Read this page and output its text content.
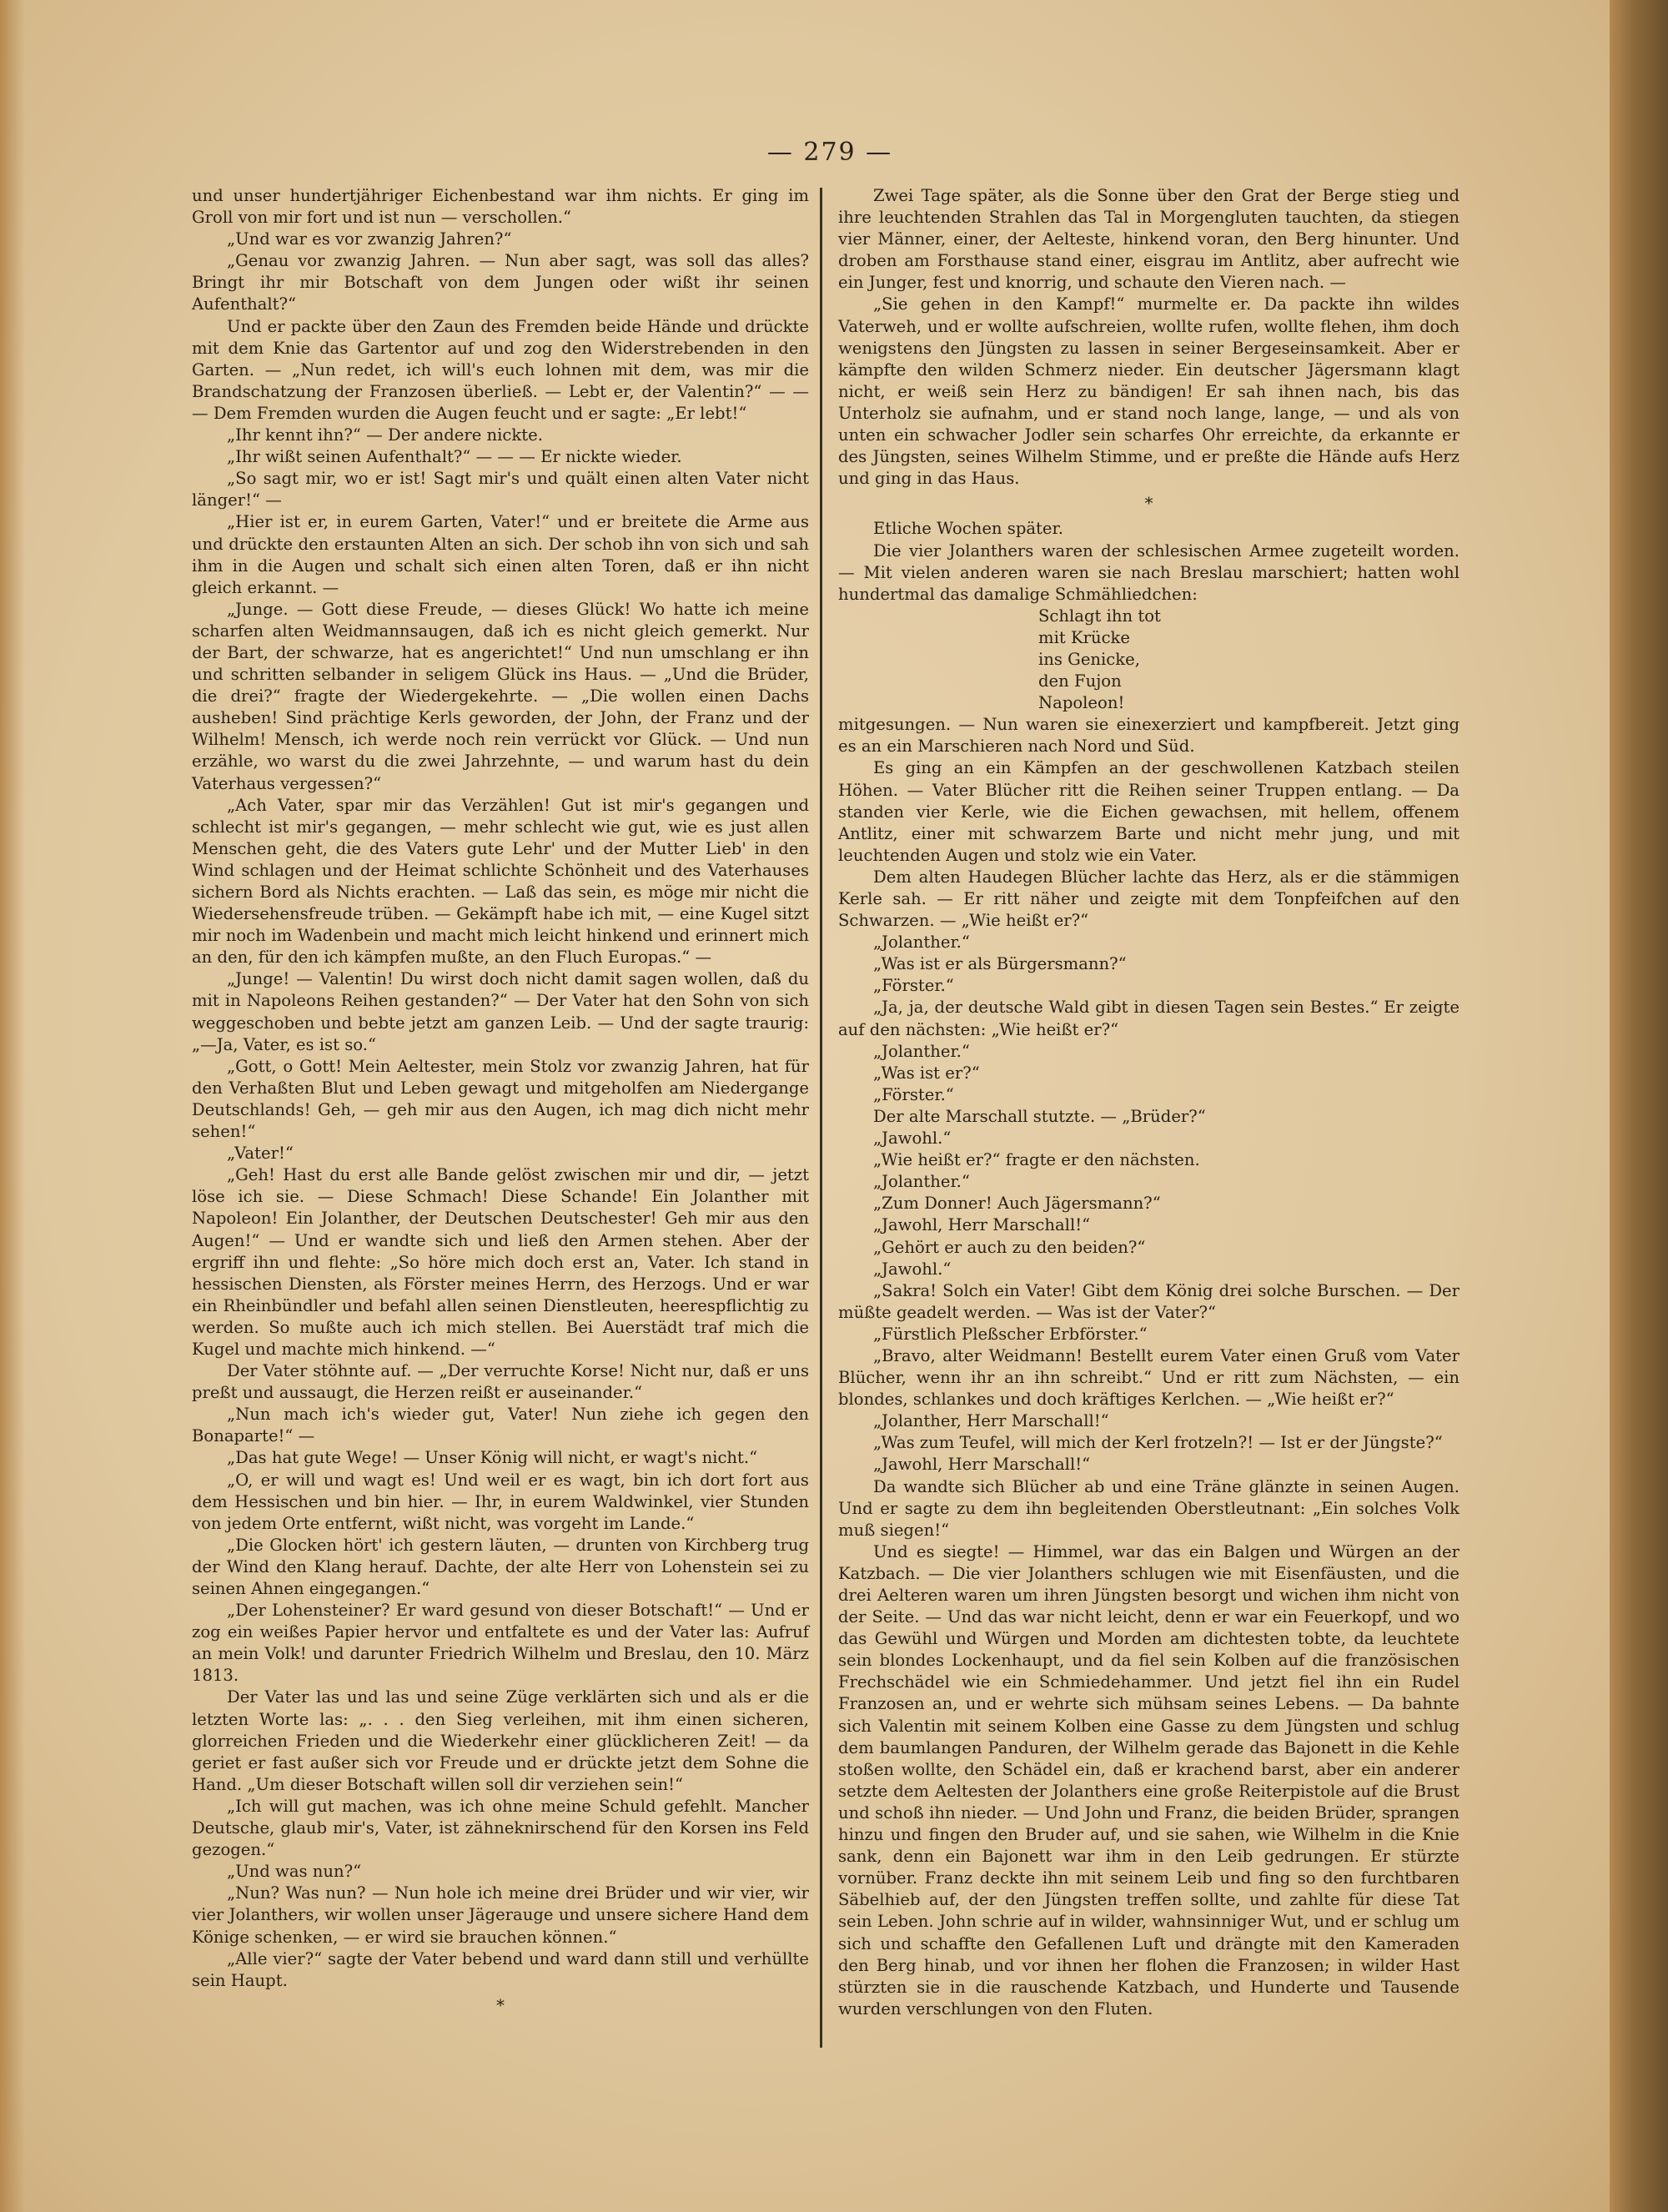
— 279 —

und unser hundertjähriger Eichenbestand war ihm nichts. Er ging im Groll von mir fort und ist nun — verschollen.“

„Und war es vor zwanzig Jahren?“

„Genau vor zwanzig Jahren. — Nun aber sagt, was soll das alles? Bringt ihr mir Botschaft von dem Jungen oder wißt ihr seinen Aufenthalt?“

Und er packte über den Zaun des Fremden beide Hände und drückte mit dem Knie das Gartentor auf und zog den Widerstrebenden in den Garten. — „Nun redet, ich will's euch lohnen mit dem, was mir die Brandschatzung der Franzosen überließ. — Lebt er, der Valentin?“ — — — Dem Fremden wurden die Augen feucht und er sagte: „Er lebt!“

„Ihr kennt ihn?“ — Der andere nickte.

„Ihr wißt seinen Aufenthalt?“ — — — Er nickte wieder.

„So sagt mir, wo er ist! Sagt mir's und quält einen alten Vater nicht länger!“ —

„Hier ist er, in eurem Garten, Vater!“ und er breitete die Arme aus und drückte den erstaunten Alten an sich. Der schob ihn von sich und sah ihm in die Augen und schalt sich einen alten Toren, daß er ihn nicht gleich erkannt. —

„Junge. — Gott diese Freude, — dieses Glück! Wo hatte ich meine scharfen alten Weidmannsaugen, daß ich es nicht gleich gemerkt. Nur der Bart, der schwarze, hat es angerichtet!“ Und nun umschlang er ihn und schritten selbander in seligem Glück ins Haus. — „Und die Brüder, die drei?“ fragte der Wiedergekehrte. — „Die wollen einen Dachs ausheben! Sind prächtige Kerls geworden, der John, der Franz und der Wilhelm! Mensch, ich werde noch rein verrückt vor Glück. — Und nun erzähle, wo warst du die zwei Jahrzehnte, — und warum hast du dein Vaterhaus vergessen?“

„Ach Vater, spar mir das Verzählen! Gut ist mir's gegangen und schlecht ist mir's gegangen, — mehr schlecht wie gut, wie es just allen Menschen geht, die des Vaters gute Lehr' und der Mutter Lieb' in den Wind schlagen und der Heimat schlichte Schönheit und des Vaterhauses sichern Bord als Nichts erachten. — Laß das sein, es möge mir nicht die Wiedersehensfreude trüben. — Gekämpft habe ich mit, — eine Kugel sitzt mir noch im Wadenbein und macht mich leicht hinkend und erinnert mich an den, für den ich kämpfen mußte, an den Fluch Europas.“ —

„Junge! — Valentin! Du wirst doch nicht damit sagen wollen, daß du mit in Napoleons Reihen gestanden?“ — Der Vater hat den Sohn von sich weggeschoben und bebte jetzt am ganzen Leib. — Und der sagte traurig: „—Ja, Vater, es ist so.“

„Gott, o Gott! Mein Aeltester, mein Stolz vor zwanzig Jahren, hat für den Verhaßten Blut und Leben gewagt und mitgeholfen am Niedergange Deutschlands! Geh, — geh mir aus den Augen, ich mag dich nicht mehr sehen!“

„Vater!“

„Geh! Hast du erst alle Bande gelöst zwischen mir und dir, — jetzt löse ich sie. — Diese Schmach! Diese Schande! Ein Jolanther mit Napoleon! Ein Jolanther, der Deutschen Deutschester! Geh mir aus den Augen!“ — Und er wandte sich und ließ den Armen stehen. Aber der ergriff ihn und flehte: „So höre mich doch erst an, Vater. Ich stand in hessischen Diensten, als Förster meines Herrn, des Herzogs. Und er war ein Rheinbündler und befahl allen seinen Dienstleuten, heerespflichtig zu werden. So mußte auch ich mich stellen. Bei Auerstädt traf mich die Kugel und machte mich hinkend. —“

Der Vater stöhnte auf. — „Der verruchte Korse! Nicht nur, daß er uns preßt und aussaugt, die Herzen reißt er auseinander.“

„Nun mach ich's wieder gut, Vater! Nun ziehe ich gegen den Bonaparte!“ —

„Das hat gute Wege! — Unser König will nicht, er wagt's nicht.“

„O, er will und wagt es! Und weil er es wagt, bin ich dort fort aus dem Hessischen und bin hier. — Ihr, in eurem Waldwinkel, vier Stunden von jedem Orte entfernt, wißt nicht, was vorgeht im Lande.“

„Die Glocken hört' ich gestern läuten, — drunten von Kirchberg trug der Wind den Klang herauf. Dachte, der alte Herr von Lohenstein sei zu seinen Ahnen eingegangen.“

„Der Lohensteiner? Er ward gesund von dieser Botschaft!“ — Und er zog ein weißes Papier hervor und entfaltete es und der Vater las: Aufruf an mein Volk! und darunter Friedrich Wilhelm und Breslau, den 10. März 1813.

Der Vater las und las und seine Züge verklärten sich und als er die letzten Worte las: „. . . den Sieg verleihen, mit ihm einen sicheren, glorreichen Frieden und die Wiederkehr einer glücklicheren Zeit! — da geriet er fast außer sich vor Freude und er drückte jetzt dem Sohne die Hand. „Um dieser Botschaft willen soll dir verziehen sein!“

„Ich will gut machen, was ich ohne meine Schuld gefehlt. Mancher Deutsche, glaub mir's, Vater, ist zähneknirschend für den Korsen ins Feld gezogen.“

„Und was nun?“

„Nun? Was nun? — Nun hole ich meine drei Brüder und wir vier, wir vier Jolanthers, wir wollen unser Jägerauge und unsere sichere Hand dem Könige schenken, — er wird sie brauchen können.“

„Alle vier?“ sagte der Vater bebend und ward dann still und verhüllte sein Haupt.

*

Zwei Tage später, als die Sonne über den Grat der Berge stieg und ihre leuchtenden Strahlen das Tal in Morgengluten tauchten, da stiegen vier Männer, einer, der Aelteste, hinkend voran, den Berg hinunter. Und droben am Forsthause stand einer, eisgrau im Antlitz, aber aufrecht wie ein Junger, fest und knorrig, und schaute den Vieren nach. —

„Sie gehen in den Kampf!“ murmelte er. Da packte ihn wildes Vaterweh, und er wollte aufschreien, wollte rufen, wollte flehen, ihm doch wenigstens den Jüngsten zu lassen in seiner Bergeseinsamkeit. Aber er kämpfte den wilden Schmerz nieder. Ein deutscher Jägersmann klagt nicht, er weiß sein Herz zu bändigen! Er sah ihnen nach, bis das Unterholz sie aufnahm, und er stand noch lange, lange, — und als von unten ein schwacher Jodler sein scharfes Ohr erreichte, da erkannte er des Jüngsten, seines Wilhelm Stimme, und er preßte die Hände aufs Herz und ging in das Haus.

*

Etliche Wochen später.

Die vier Jolanthers waren der schlesischen Armee zugeteilt worden. — Mit vielen anderen waren sie nach Breslau marschiert; hatten wohl hundertmal das damalige Schmähliedchen:

Schlagt ihn tot
mit Krücke
ins Genicke,
den Fujon
Napoleon!

mitgesungen. — Nun waren sie einexerziert und kampfbereit. Jetzt ging es an ein Marschieren nach Nord und Süd.

Es ging an ein Kämpfen an der geschwollenen Katzbach steilen Höhen. — Vater Blücher ritt die Reihen seiner Truppen entlang. — Da standen vier Kerle, wie die Eichen gewachsen, mit hellem, offenem Antlitz, einer mit schwarzem Barte und nicht mehr jung, und mit leuchtenden Augen und stolz wie ein Vater.

Dem alten Haudegen Blücher lachte das Herz, als er die stämmigen Kerle sah. — Er ritt näher und zeigte mit dem Tonpfeifchen auf den Schwarzen. — „Wie heißt er?“

„Jolanther.“

„Was ist er als Bürgersmann?“

„Förster.“

„Ja, ja, der deutsche Wald gibt in diesen Tagen sein Bestes.“ Er zeigte auf den nächsten: „Wie heißt er?“

„Jolanther.“

„Was ist er?“

„Förster.“

Der alte Marschall stutzte. — „Brüder?“

„Jawohl.“

„Wie heißt er?“ fragte er den nächsten.

„Jolanther.“

„Zum Donner! Auch Jägersmann?“

„Jawohl, Herr Marschall!“

„Gehört er auch zu den beiden?“

„Jawohl.“

„Sakra! Solch ein Vater! Gibt dem König drei solche Burschen. — Der müßte geadelt werden. — Was ist der Vater?“

„Fürstlich Pleßscher Erbförster.“

„Bravo, alter Weidmann! Bestellt eurem Vater einen Gruß vom Vater Blücher, wenn ihr an ihn schreibt.“ Und er ritt zum Nächsten, — ein blondes, schlankes und doch kräftiges Kerlchen. — „Wie heißt er?“

„Jolanther, Herr Marschall!“

„Was zum Teufel, will mich der Kerl frotzeln?! — Ist er der Jüngste?“

„Jawohl, Herr Marschall!“

Da wandte sich Blücher ab und eine Träne glänzte in seinen Augen. Und er sagte zu dem ihn begleitenden Oberstleutnant: „Ein solches Volk muß siegen!“

Und es siegte! — Himmel, war das ein Balgen und Würgen an der Katzbach. — Die vier Jolanthers schlugen wie mit Eisenfäusten, und die drei Aelteren waren um ihren Jüngsten besorgt und wichen ihm nicht von der Seite. — Und das war nicht leicht, denn er war ein Feuerkopf, und wo das Gewühl und Würgen und Morden am dichtesten tobte, da leuchtete sein blondes Lockenhaupt, und da fiel sein Kolben auf die französischen Frechschädel wie ein Schmiedehammer. Und jetzt fiel ihn ein Rudel Franzosen an, und er wehrte sich mühsam seines Lebens. — Da bahnte sich Valentin mit seinem Kolben eine Gasse zu dem Jüngsten und schlug dem baumlangen Panduren, der Wilhelm gerade das Bajonett in die Kehle stoßen wollte, den Schädel ein, daß er krachend barst, aber ein anderer setzte dem Aeltesten der Jolanthers eine große Reiterpistole auf die Brust und schoß ihn nieder. — Und John und Franz, die beiden Brüder, sprangen hinzu und fingen den Bruder auf, und sie sahen, wie Wilhelm in die Knie sank, denn ein Bajonett war ihm in den Leib gedrungen. Er stürzte vornüber. Franz deckte ihn mit seinem Leib und fing so den furchtbaren Säbelhieb auf, der den Jüngsten treffen sollte, und zahlte für diese Tat sein Leben. John schrie auf in wilder, wahnsinniger Wut, und er schlug um sich und schaffte den Gefallenen Luft und drängte mit den Kameraden den Berg hinab, und vor ihnen her flohen die Franzosen; in wilder Hast stürzten sie in die rauschende Katzbach, und Hunderte und Tausende wurden verschlungen von den Fluten.
